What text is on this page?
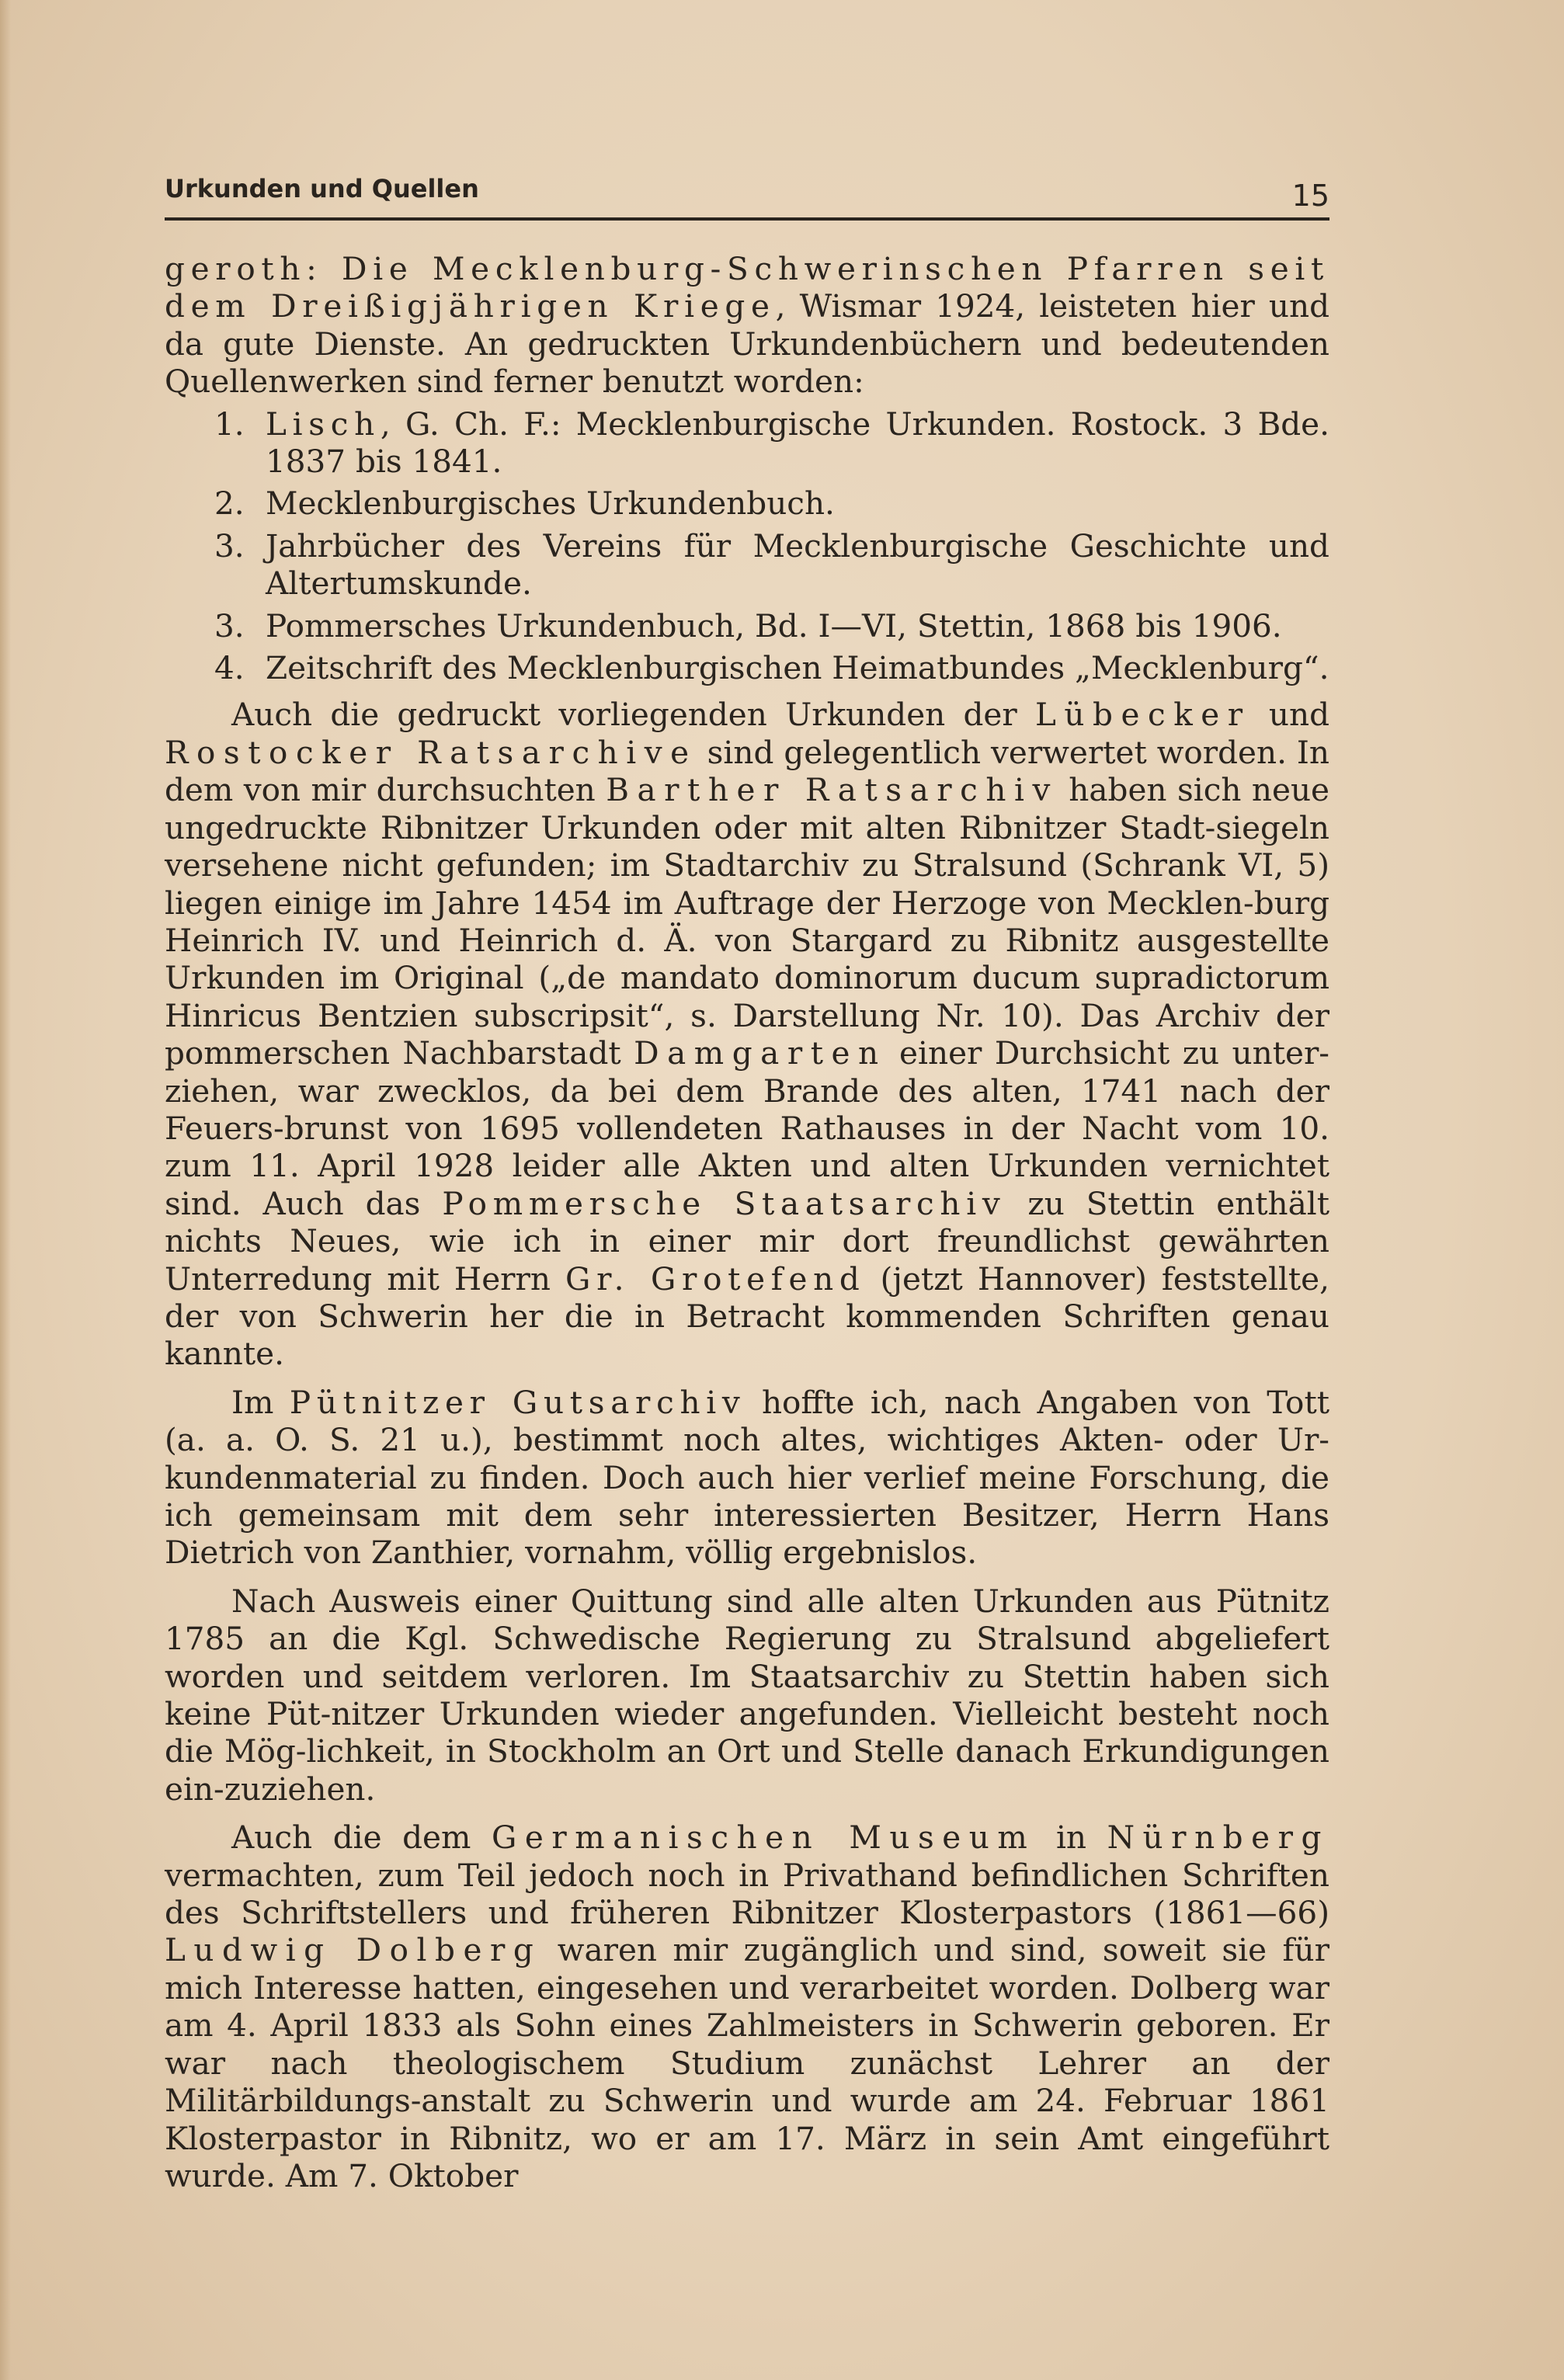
Urkunden und Quellen	15

geroth: Die Mecklenburg-Schwerinschen Pfarren seit dem Dreißigjährigen Kriege, Wismar 1924, leisteten hier und da gute Dienste. An gedruckten Urkundenbüchern und bedeutenden Quellenwerken sind ferner benutzt worden:

1. Lisch, G. Ch. F.: Mecklenburgische Urkunden. Rostock. 3 Bde. 1837 bis 1841.
2. Mecklenburgisches Urkundenbuch.
3. Jahrbücher des Vereins für Mecklenburgische Geschichte und Altertumskunde.
3. Pommersches Urkundenbuch, Bd. I—VI, Stettin, 1868 bis 1906.
4. Zeitschrift des Mecklenburgischen Heimatbundes „Mecklenburg“.

Auch die gedruckt vorliegenden Urkunden der Lübecker und Rostocker Ratsarchive sind gelegentlich verwertet worden. In dem von mir durchsuchten Barther Ratsarchiv haben sich neue ungedruckte Ribnitzer Urkunden oder mit alten Ribnitzer Stadt-siegeln versehene nicht gefunden; im Stadtarchiv zu Stralsund (Schrank VI, 5) liegen einige im Jahre 1454 im Auftrage der Herzoge von Mecklen-burg Heinrich IV. und Heinrich d. Ä. von Stargard zu Ribnitz ausgestellte Urkunden im Original („de mandato dominorum ducum supradictorum Hinricus Bentzien subscripsit“, s. Darstellung Nr. 10). Das Archiv der pommerschen Nachbarstadt Damgarten einer Durchsicht zu unter-ziehen, war zwecklos, da bei dem Brande des alten, 1741 nach der Feuers-brunst von 1695 vollendeten Rathauses in der Nacht vom 10. zum 11. April 1928 leider alle Akten und alten Urkunden vernichtet sind. Auch das Pommersche Staatsarchiv zu Stettin enthält nichts Neues, wie ich in einer mir dort freundlichst gewährten Unterredung mit Herrn Gr. Grotefend (jetzt Hannover) feststellte, der von Schwerin her die in Betracht kommenden Schriften genau kannte.

Im Pütnitzer Gutsarchiv hoffte ich, nach Angaben von Tott (a. a. O. S. 21 u.), bestimmt noch altes, wichtiges Akten- oder Ur-kundenmaterial zu finden. Doch auch hier verlief meine Forschung, die ich gemeinsam mit dem sehr interessierten Besitzer, Herrn Hans Dietrich von Zanthier, vornahm, völlig ergebnislos.

Nach Ausweis einer Quittung sind alle alten Urkunden aus Pütnitz 1785 an die Kgl. Schwedische Regierung zu Stralsund abgeliefert worden und seitdem verloren. Im Staatsarchiv zu Stettin haben sich keine Püt-nitzer Urkunden wieder angefunden. Vielleicht besteht noch die Mög-lichkeit, in Stockholm an Ort und Stelle danach Erkundigungen ein-zuziehen.

Auch die dem Germanischen Museum in Nürnberg vermachten, zum Teil jedoch noch in Privathand befindlichen Schriften des Schriftstellers und früheren Ribnitzer Klosterpastors (1861—66) Ludwig Dolberg waren mir zugänglich und sind, soweit sie für mich Interesse hatten, eingesehen und verarbeitet worden. Dolberg war am 4. April 1833 als Sohn eines Zahlmeisters in Schwerin geboren. Er war nach theologischem Studium zunächst Lehrer an der Militärbildungs-anstalt zu Schwerin und wurde am 24. Februar 1861 Klosterpastor in Ribnitz, wo er am 17. März in sein Amt eingeführt wurde. Am 7. Oktober
